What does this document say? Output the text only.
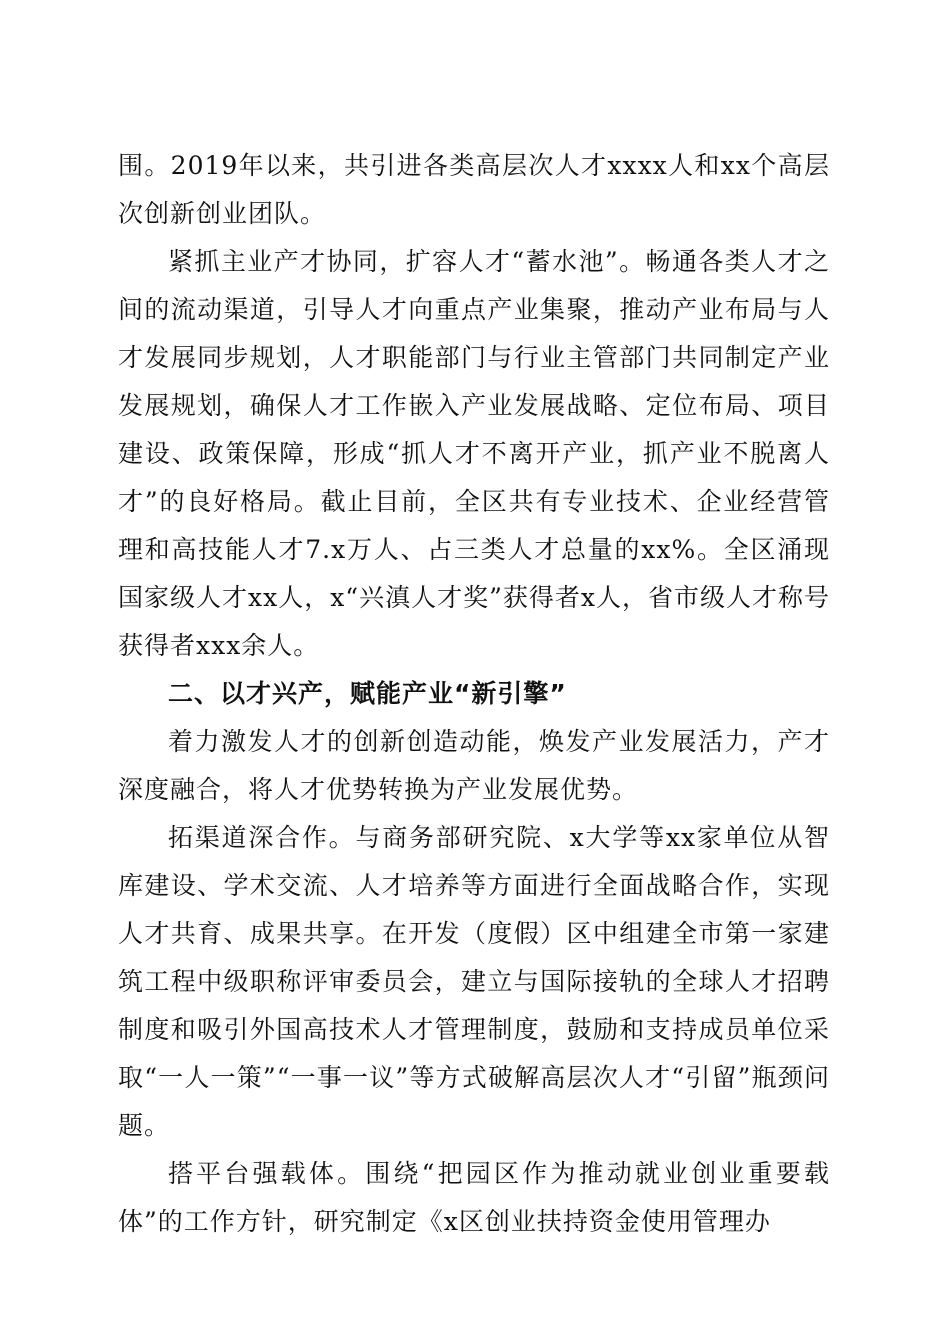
围。2019年以来，共引进各类高层次人才xxxx人和xx个高层次创新创业团队。

紧抓主业产才协同，扩容人才“蓄水池”。畅通各类人才之间的流动渠道，引导人才向重点产业集聚，推动产业布局与人才发展同步规划，人才职能部门与行业主管部门共同制定产业发展规划，确保人才工作嵌入产业发展战略、定位布局、项目建设、政策保障，形成“抓人才不离开产业，抓产业不脱离人才”的良好格局。截止目前，全区共有专业技术、企业经营管理和高技能人才7.x万人、占三类人才总量的xx%。全区涌现国家级人才xx人，x“兴滇人才奖”获得者x人，省市级人才称号获得者xxx余人。

二、以才兴产，赋能产业“新引擎”

着力激发人才的创新创造动能，焕发产业发展活力，产才深度融合，将人才优势转换为产业发展优势。

拓渠道深合作。与商务部研究院、x大学等xx家单位从智库建设、学术交流、人才培养等方面进行全面战略合作，实现人才共育、成果共享。在开发（度假）区中组建全市第一家建筑工程中级职称评审委员会，建立与国际接轨的全球人才招聘制度和吸引外国高技术人才管理制度，鼓励和支持成员单位采取“一人一策”“一事一议”等方式破解高层次人才“引留”瓶颈问题。

搭平台强载体。围绕“把园区作为推动就业创业重要载体”的工作方针，研究制定《x区创业扶持资金使用管理办
